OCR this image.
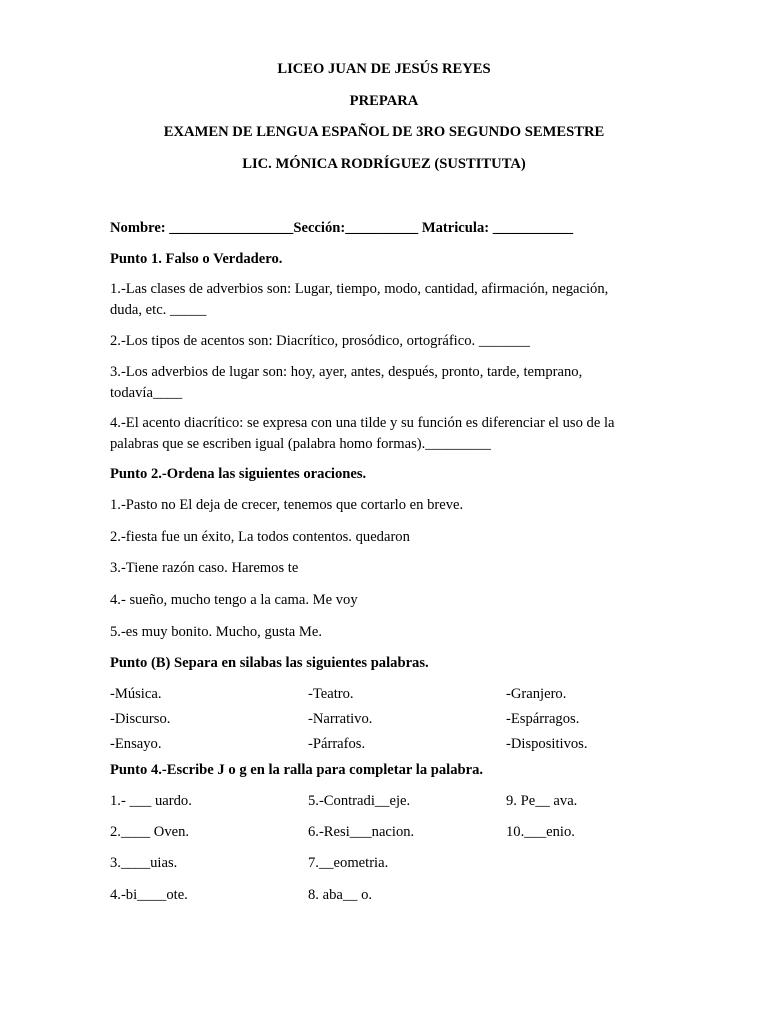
LICEO JUAN DE JESÚS REYES
PREPARA
EXAMEN DE LENGUA ESPAÑOL DE 3RO SEGUNDO SEMESTRE
LIC. MÓNICA RODRÍGUEZ (SUSTITUTA)
Nombre: _________________Sección:__________ Matricula: ___________
Punto 1. Falso o Verdadero.
1.-Las clases de adverbios son: Lugar, tiempo, modo, cantidad, afirmación, negación,
duda, etc. _____
2.-Los tipos de acentos son: Diacrítico, prosódico, ortográfico. _______
3.-Los adverbios de lugar son: hoy, ayer, antes, después, pronto, tarde, temprano,
todavía____
4.-El acento diacrítico: se expresa con una tilde y su función es diferenciar el uso de la
palabras que se escriben igual (palabra homo formas)._________
Punto 2.-Ordena las siguientes oraciones.
1.-Pasto no El deja de crecer, tenemos que cortarlo en breve.
2.-fiesta fue un éxito, La todos contentos. quedaron
3.-Tiene razón caso. Haremos te
4.- sueño, mucho tengo a la cama. Me voy
5.-es muy bonito. Mucho, gusta Me.
Punto (B) Separa en silabas las siguientes palabras.
-Música.	-Teatro.	-Granjero.
-Discurso.	-Narrativo.	-Espárragos.
-Ensayo.	-Párrafos.	-Dispositivos.
Punto 4.-Escribe J o g en la ralla para completar la palabra.
1.- ___ uardo.	5.-Contradi__eje.	9. Pe__ ava.
2.____ Oven.	6.-Resi___nacion.	10.___enio.
3.____uias.	7.__eometria.
4.-bi____ote.	8. aba__ o.
